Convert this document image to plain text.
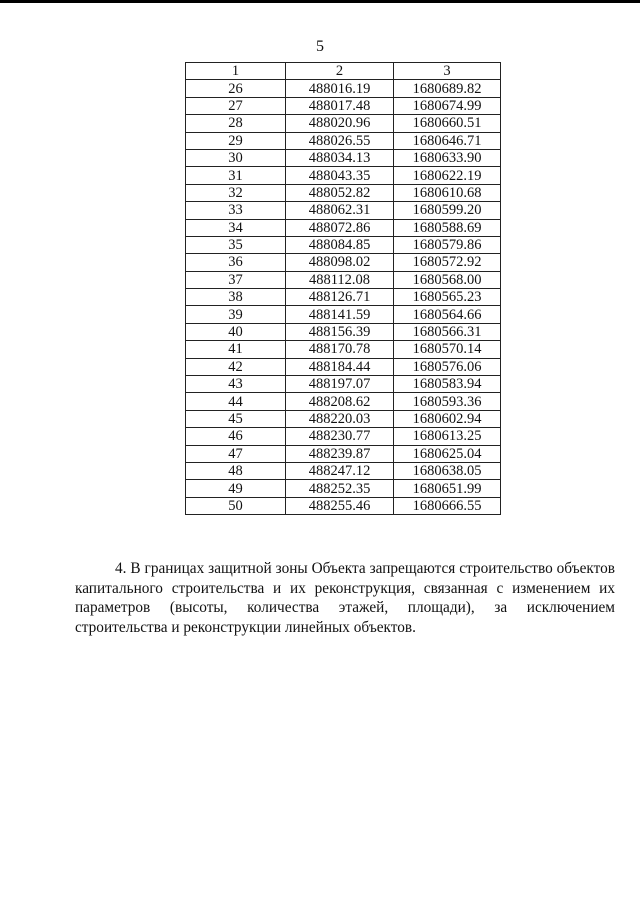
5
1	2	3
26	488016.19	1680689.82
27	488017.48	1680674.99
28	488020.96	1680660.51
29	488026.55	1680646.71
30	488034.13	1680633.90
31	488043.35	1680622.19
32	488052.82	1680610.68
33	488062.31	1680599.20
34	488072.86	1680588.69
35	488084.85	1680579.86
36	488098.02	1680572.92
37	488112.08	1680568.00
38	488126.71	1680565.23
39	488141.59	1680564.66
40	488156.39	1680566.31
41	488170.78	1680570.14
42	488184.44	1680576.06
43	488197.07	1680583.94
44	488208.62	1680593.36
45	488220.03	1680602.94
46	488230.77	1680613.25
47	488239.87	1680625.04
48	488247.12	1680638.05
49	488252.35	1680651.99
50	488255.46	1680666.55

4. В границах защитной зоны Объекта запрещаются строительство объектов капитального строительства и их реконструкция, связанная с изменением их параметров (высоты, количества этажей, площади), за исключением строительства и реконструкции линейных объектов.
